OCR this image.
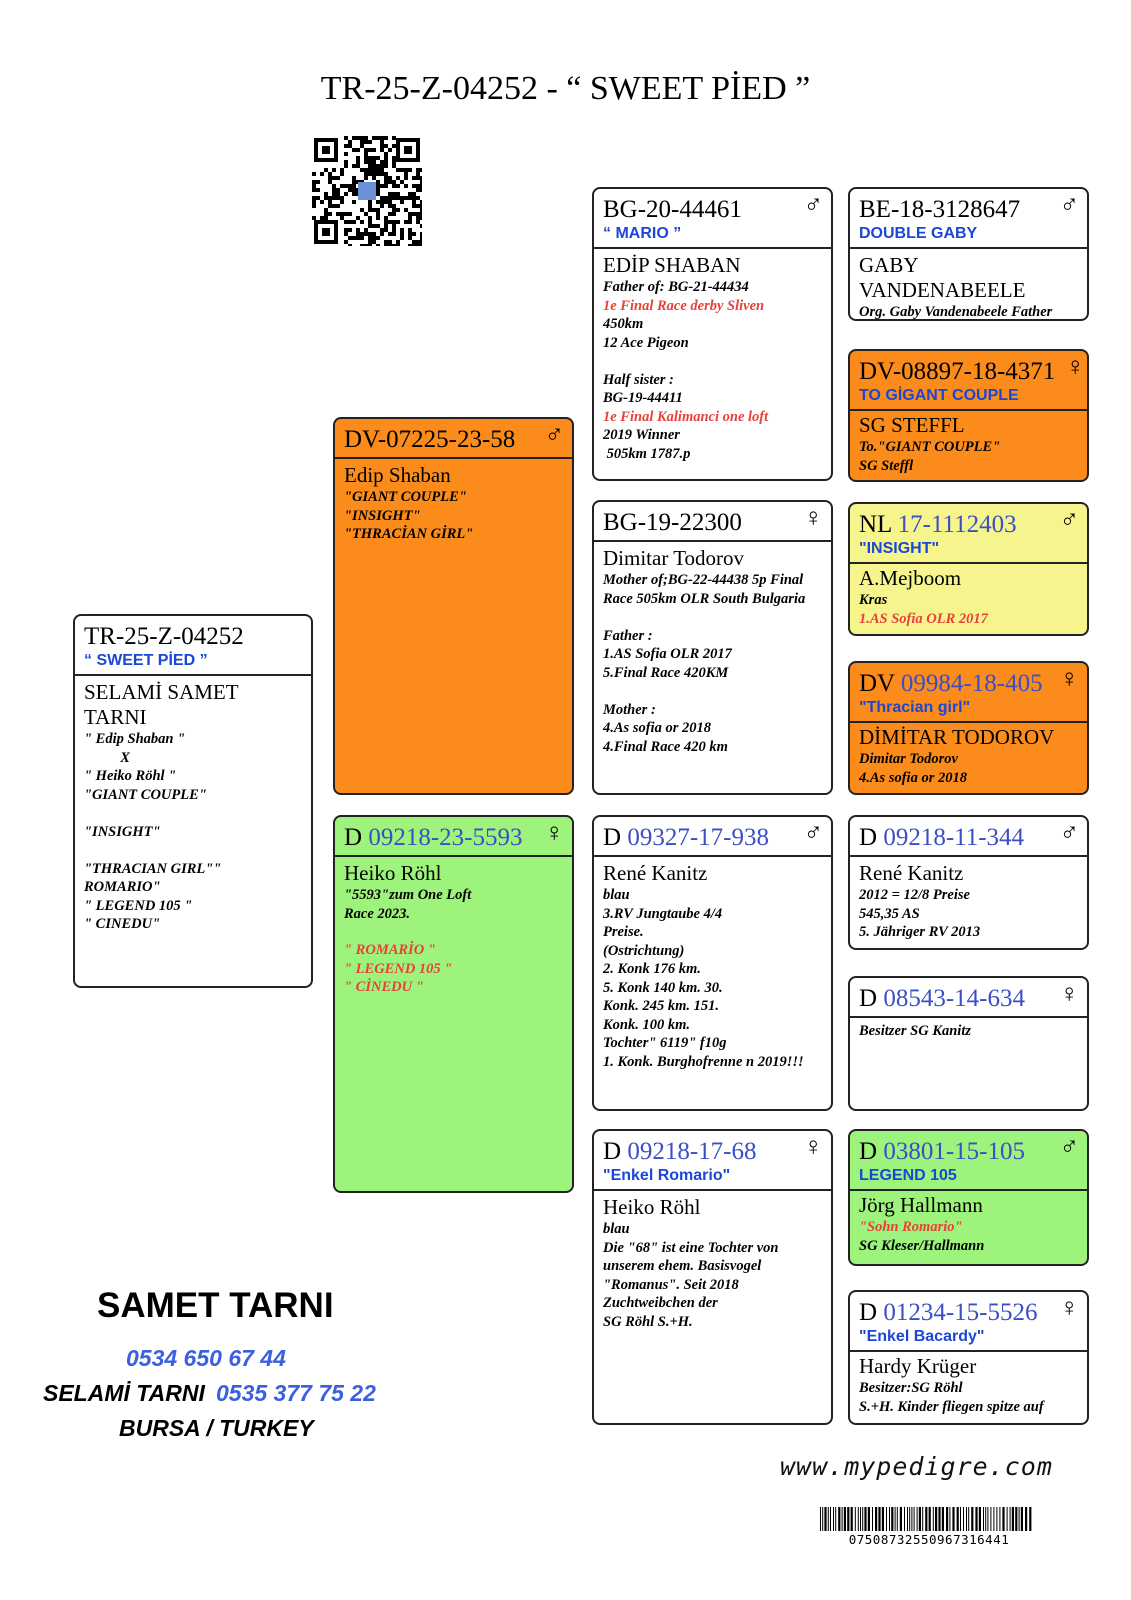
TR-25-Z-04252 - “ SWEET PİED ”
TR-25-Z-04252
“ SWEET PİED ”
SELAMİ SAMET TARNI
" Edip Shaban "
X
" Heiko Röhl "
"GIANT COUPLE"

"INSIGHT"

"THRACIAN GIRL""
ROMARIO"
" LEGEND 105 "
" CINEDU"
DV-07225-23-58	♂
Edip Shaban
"GIANT COUPLE"
"INSIGHT"
"THRACİAN GİRL"
D 09218-23-5593 ♀
Heiko Röhl
"5593"zum One Loft
Race 2023.
" ROMARİO "
" LEGEND 105 "
" CİNEDU "
BG-20-44461	♂
“ MARIO ”
EDİP SHABAN
Father of: BG-21-44434
1e Final Race derby Sliven
450km
12 Ace Pigeon

Half sister :
BG-19-44411
1e Final Kalimanci one loft
2019 Winner
505km 1787.p
BG-19-22300	♀
Dimitar Todorov
Mother of;BG-22-44438 5p Final
Race 505km OLR South Bulgaria

Father :
1.AS Sofia OLR 2017
5.Final Race 420KM

Mother :
4.As sofia or 2018
4.Final Race 420 km
D 09327-17-938	♂
René Kanitz
blau
3.RV Jungtaube 4/4
Preise.
(Ostrichtung)
2. Konk 176 km.
5. Konk 140 km. 30.
Konk. 245 km. 151.
Konk. 100 km.
Tochter" 6119" f10g
1. Konk. Burghofrenne n 2019!!!
D 09218-17-68	♀
"Enkel Romario"
Heiko Röhl
blau
Die "68" ist eine Tochter von
unserem ehem. Basisvogel
"Romanus". Seit 2018
Zuchtweibchen der
SG Röhl S.+H.
BE-18-3128647	♂
DOUBLE GABY
GABY
VANDENABEELE
Org. Gaby Vandenabeele Father
DV-08897-18-4371 ♀
TO GİGANT COUPLE
SG STEFFL
To."GIANT COUPLE"
SG Steffl
NL 17-1112403	♂
"INSIGHT"
A.Mejboom
Kras
1.AS Sofia OLR 2017
DV 09984-18-405 ♀
"Thracian girl"
DİMİTAR TODOROV
Dimitar Todorov
4.As sofia or 2018
D 09218-11-344	♂
René Kanitz
2012 = 12/8 Preise
545,35 AS
5. Jähriger RV 2013
D 08543-14-634	♀
Besitzer SG Kanitz
D 03801-15-105	♂
LEGEND 105
Jörg Hallmann
"Sohn Romario"
SG Kleser/Hallmann
D 01234-15-5526 ♀
"Enkel Bacardy"
Hardy Krüger
Besitzer:SG Röhl
S.+H. Kinder fliegen spitze auf
SAMET TARNI
0534 650 67 44
SELAMİ TARNI 0535 377 75 22
BURSA / TURKEY
www.mypedigre.com
07508732550967316441
